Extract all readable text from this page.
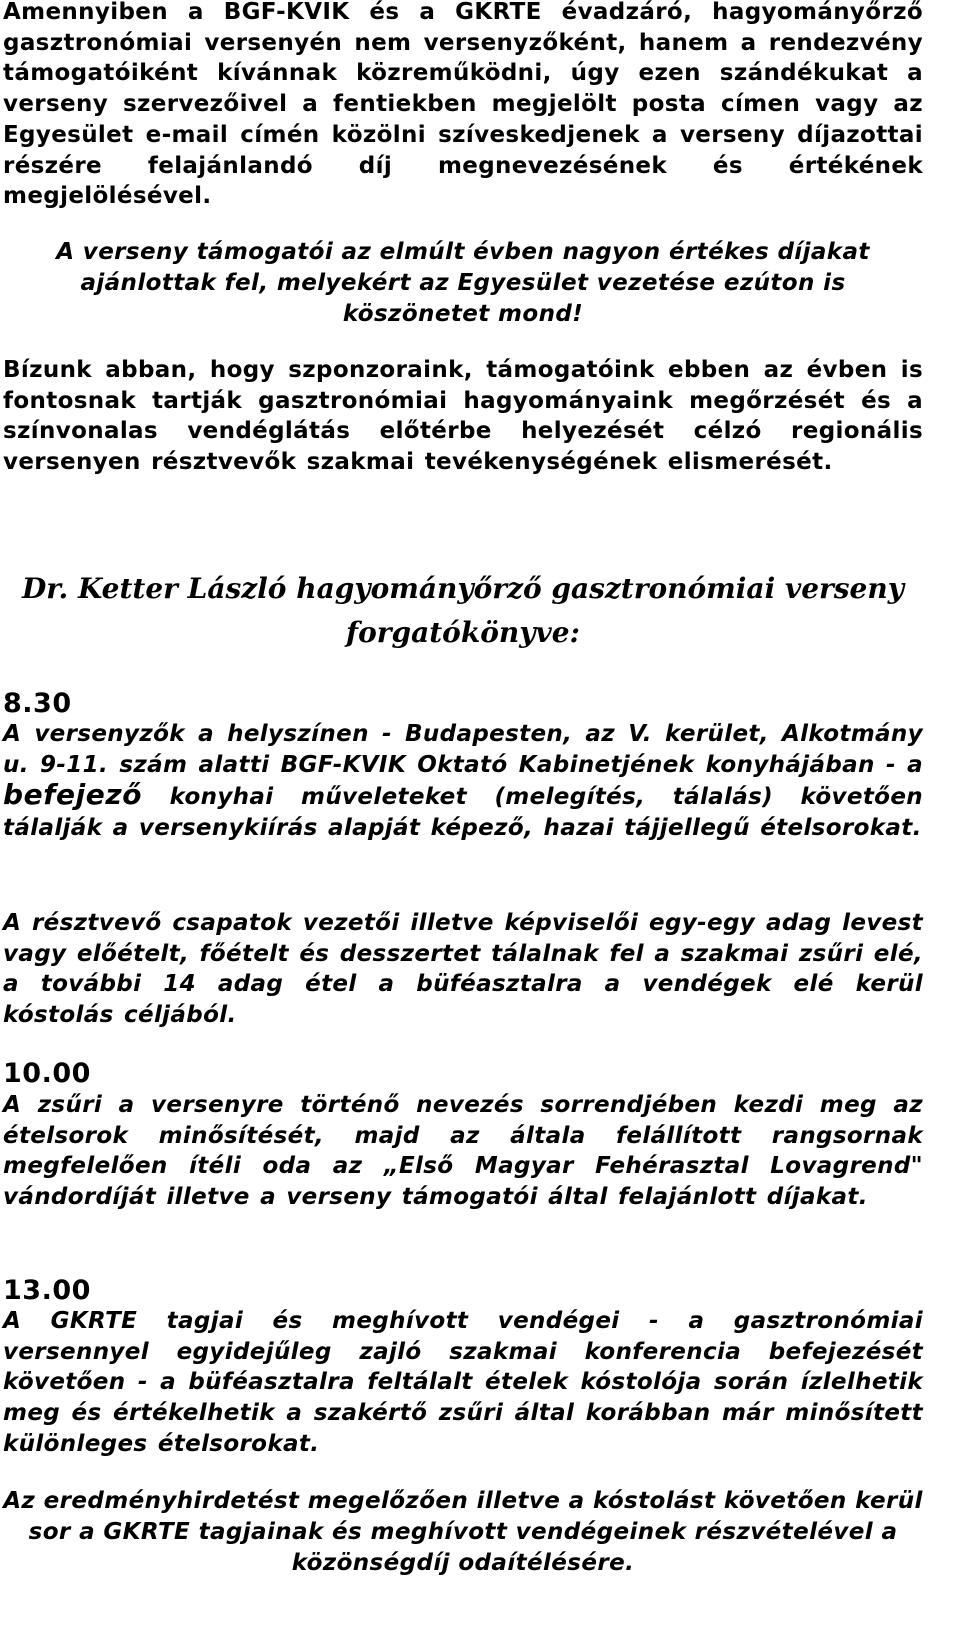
Amennyiben a BGF-KVIK és a GKRTE évadzáró, hagyományőrző gasztronómiai versenyén nem versenyzőként, hanem a rendezvény támogatóiként kívánnak közreműködni, úgy ezen szándékukat a verseny szervezőivel a fentiekben megjelölt posta címen vagy az Egyesület e-mail címén közölni szíveskedjenek a verseny díjazottai részére felajánlandó díj megnevezésének és értékének megjelölésével.

A verseny támogatói az elmúlt évben nagyon értékes díjakat ajánlottak fel, melyekért az Egyesület vezetése ezúton is köszönetet mond!

Bízunk abban, hogy szponzoraink, támogatóink ebben az évben is fontosnak tartják gasztronómiai hagyományaink megőrzését és a színvonalas vendéglátás előtérbe helyezését célzó regionális versenyen résztvevők szakmai tevékenységének elismerését.

Dr. Ketter László hagyományőrző gasztronómiai verseny
forgatókönyve:

8.30

A versenyzők a helyszínen - Budapesten, az V. kerület, Alkotmány u. 9-11. szám alatti BGF-KVIK Oktató Kabinetjének konyhájában - a befejező konyhai műveleteket (melegítés, tálalás) követően tálalják a versenykiírás alapját képező, hazai tájjellegű ételsorokat.

A résztvevő csapatok vezetői illetve képviselői egy-egy adag levest vagy előételt, főételt és desszertet tálalnak fel a szakmai zsűri elé, a további 14 adag étel a büféasztalra a vendégek elé kerül kóstolás céljából.

10.00

A zsűri a versenyre történő nevezés sorrendjében kezdi meg az ételsorok minősítését, majd az általa felállított rangsornak megfelelően ítéli oda az „Első Magyar Fehérasztal Lovagrend" vándordíját illetve a verseny támogatói által felajánlott díjakat.

13.00

A GKRTE tagjai és meghívott vendégei - a gasztronómiai versennyel egyidejűleg zajló szakmai konferencia befejezését követően - a büféasztalra feltálalt ételek kóstolója során ízlelhetik meg és értékelhetik a szakértő zsűri által korábban már minősített különleges ételsorokat.

Az eredményhirdetést megelőzően illetve a kóstolást követően kerül sor a GKRTE tagjainak és meghívott vendégeinek részvételével a közönségdíj odaítélésére.
